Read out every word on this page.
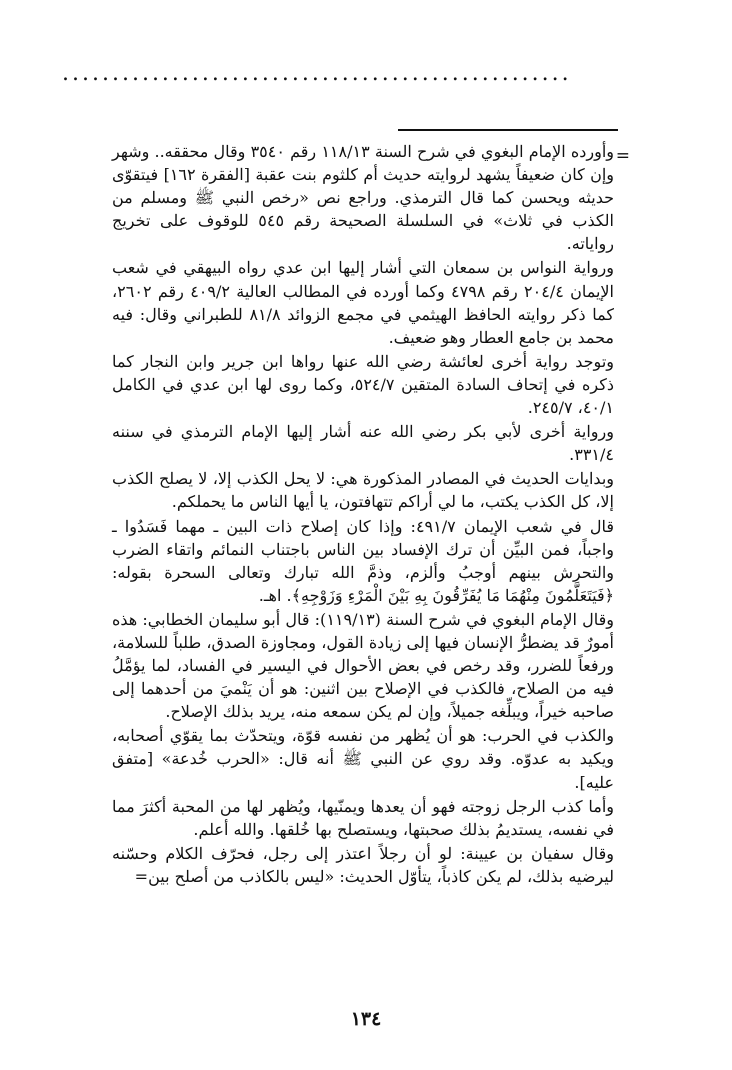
...................................................
=

وأورده الإمام البغوي في شرح السنة ١١٨/١٣ رقم ٣٥٤٠ وقال محققه.. وشهر وإن كان ضعيفاً يشهد لروايته حديث أم كلثوم بنت عقبة [الفقرة ١٦٢] فيتقوّى حديثه ويحسن كما قال الترمذي. وراجع نص «رخص النبي ﷺ ومسلم من الكذب في ثلاث» في السلسلة الصحيحة رقم ٥٤٥ للوقوف على تخريج رواياته.

ورواية النواس بن سمعان التي أشار إليها ابن عدي رواه البيهقي في شعب الإيمان ٢٠٤/٤ رقم ٤٧٩٨ وكما أورده في المطالب العالية ٤٠٩/٢ رقم ٢٦٠٢، كما ذكر روايته الحافظ الهيثمي في مجمع الزوائد ٨١/٨ للطبراني وقال: فيه محمد بن جامع العطار وهو ضعيف.

وتوجد رواية أخرى لعائشة رضي الله عنها رواها ابن جرير وابن النجار كما ذكره في إتحاف السادة المتقين ٥٢٤/٧، وكما روى لها ابن عدي في الكامل ٤٠/١، ٢٤٥/٧.

ورواية أخرى لأبي بكر رضي الله عنه أشار إليها الإمام الترمذي في سننه ٣٣١/٤.

وبدايات الحديث في المصادر المذكورة هي: لا يحل الكذب إلا، لا يصلح الكذب إلا، كل الكذب يكتب، ما لي أراكم تتهافتون، يا أيها الناس ما يحملكم.

قال في شعب الإيمان ٤٩١/٧: وإذا كان إصلاح ذات البين ـ مهما فَسَدُوا ـ واجباً، فمن البيِّن أن ترك الإفساد بين الناس باجتناب النمائم واتقاء الضرب والتحرش بينهم أوجبُ وألزم، وذمَّ الله تبارك وتعالى السحرة بقوله: ﴿فَيَتَعَلَّمُونَ مِنْهُمَا مَا يُفَرِّقُونَ بِهِ بَيْنَ الْمَرْءِ وَزَوْجِهِ﴾. اهـ.

وقال الإمام البغوي في شرح السنة (١١٩/١٣): قال أبو سليمان الخطابي: هذه أمورٌ قد يضطرُّ الإنسان فيها إلى زيادة القول، ومجاوزة الصدق، طلباً للسلامة، ورفعاً للضرر، وقد رخص في بعض الأحوال في اليسير في الفساد، لما يؤمَّلُ فيه من الصلاح، فالكذب في الإصلاح بين اثنين: هو أن يَنْميَ من أحدهما إلى صاحبه خيراً، ويبلِّغه جميلاً، وإن لم يكن سمعه منه، يريد بذلك الإصلاح.

والكذب في الحرب: هو أن يُظهر من نفسه قوّة، ويتحدّث بما يقوّي أصحابه، ويكيد به عدوّه. وقد روي عن النبي ﷺ أنه قال: «الحرب خُدعة» [متفق عليه].

وأما كذب الرجل زوجته فهو أن يعدها ويمنّيها، ويُظهر لها من المحبة أكثرَ مما في نفسه، يستديمُ بذلك صحبتها، ويستصلح بها خُلقها. والله أعلم.

وقال سفيان بن عيينة: لو أن رجلاً اعتذر إلى رجل، فحرّف الكلام وحسّنه ليرضيه بذلك، لم يكن كاذباً، يتأوّل الحديث: «ليس بالكاذب من أصلح بين=

١٣٤
